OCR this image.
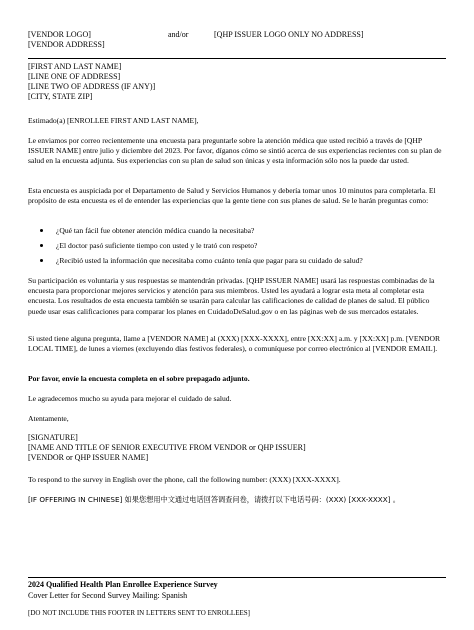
[VENDOR LOGO]	and/or	[QHP ISSUER LOGO ONLY NO ADDRESS]
[VENDOR ADDRESS]
[FIRST AND LAST NAME]
[LINE ONE OF ADDRESS]
[LINE TWO OF ADDRESS (IF ANY)]
[CITY, STATE ZIP]
Estimado(a) [ENROLLEE FIRST AND LAST NAME],
Le enviamos por correo recientemente una encuesta para preguntarle sobre la atención médica que usted recibió a través de [QHP ISSUER NAME] entre julio y diciembre del 2023. Por favor, díganos cómo se sintió acerca de sus experiencias recientes con su plan de salud en la encuesta adjunta. Sus experiencias con su plan de salud son únicas y esta información sólo nos la puede dar usted.
Esta encuesta es auspiciada por el Departamento de Salud y Servicios Humanos y debería tomar unos 10 minutos para completarla. El propósito de esta encuesta es el de entender las experiencias que la gente tiene con sus planes de salud. Se le harán preguntas como:
¿Qué tan fácil fue obtener atención médica cuando la necesitaba?
¿El doctor pasó suficiente tiempo con usted y le trató con respeto?
¿Recibió usted la información que necesitaba como cuánto tenía que pagar para su cuidado de salud?
Su participación es voluntaria y sus respuestas se mantendrán privadas. [QHP ISSUER NAME] usará las respuestas combinadas de la encuesta para proporcionar mejores servicios y atención para sus miembros. Usted les ayudará a lograr esta meta al completar esta encuesta. Los resultados de esta encuesta también se usarán para calcular las calificaciones de calidad de planes de salud. El público puede usar esas calificaciones para comparar los planes en CuidadoDeSalud.gov o en las páginas web de sus mercados estatales.
Si usted tiene alguna pregunta, llame a [VENDOR NAME] al (XXX) [XXX-XXXX], entre [XX:XX] a.m. y [XX:XX] p.m. [VENDOR LOCAL TIME], de lunes a viernes (excluyendo días festivos federales), o comuníquese por correo electrónico al [VENDOR EMAIL].
Por favor, envíe la encuesta completa en el sobre prepagado adjunto.
Le agradecemos mucho su ayuda para mejorar el cuidado de salud.
Atentamente,
[SIGNATURE]
[NAME AND TITLE OF SENIOR EXECUTIVE FROM VENDOR or QHP ISSUER]
[VENDOR or QHP ISSUER NAME]
To respond to the survey in English over the phone, call the following number: (XXX) [XXX-XXXX].
[IF OFFERING IN CHINESE] 如果您想用中文通过电话回答调查问卷，请拨打以下电话号码：(XXX) [XXX-XXXX] 。
2024 Qualified Health Plan Enrollee Experience Survey
Cover Letter for Second Survey Mailing: Spanish
[DO NOT INCLUDE THIS FOOTER IN LETTERS SENT TO ENROLLEES]
